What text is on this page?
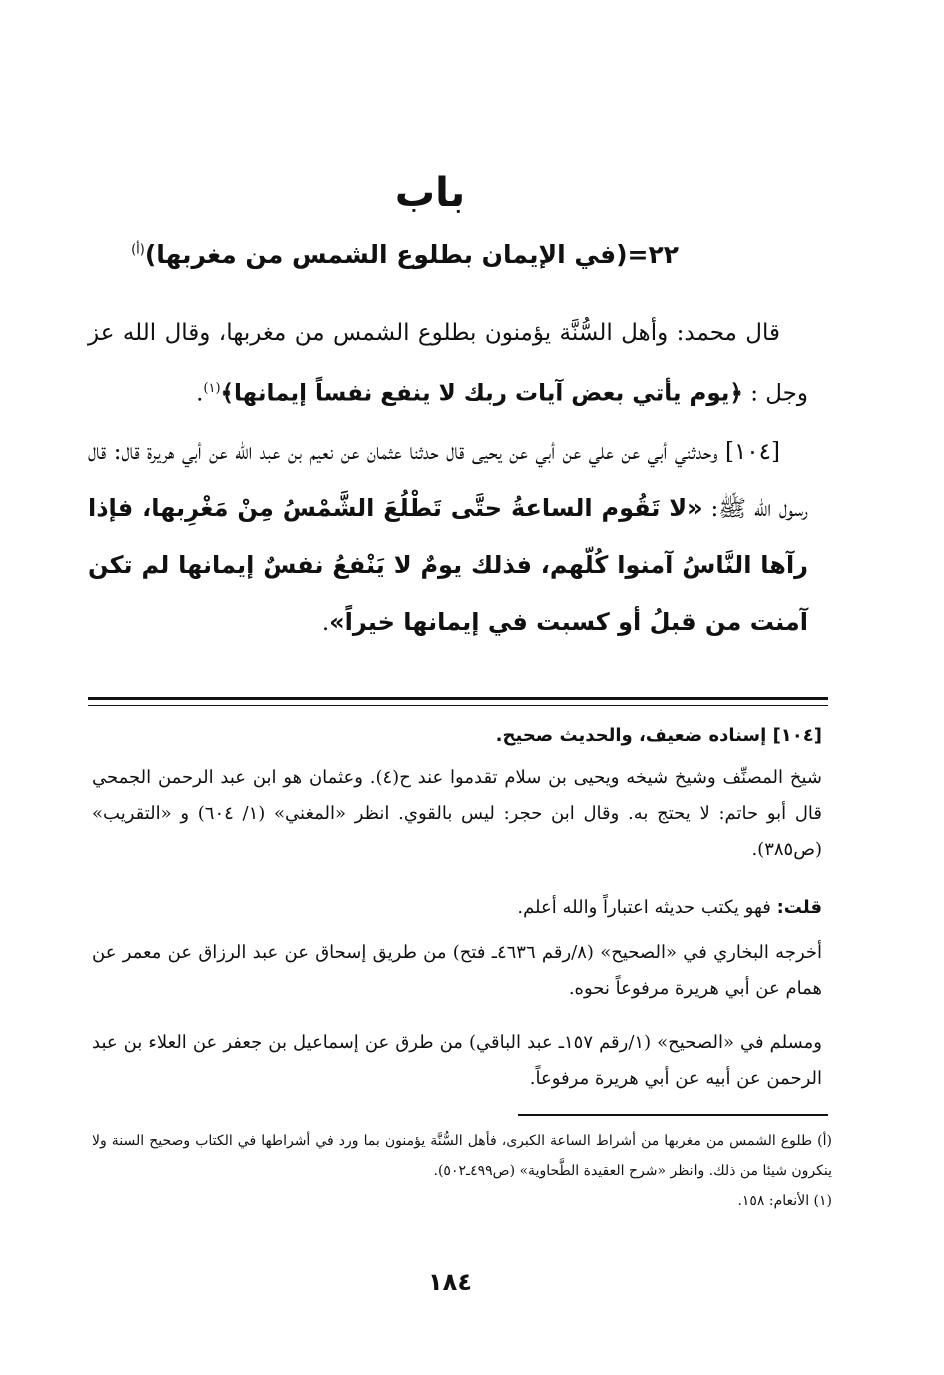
باب
٢٢=(في الإيمان بطلوع الشمس من مغربها)$^{(أ)}$
قال محمد: وأهل السُّنَّة يؤمنون بطلوع الشمس من مغربها، وقال الله عز وجل : ﴿يوم يأتي بعض آيات ربك لا ينفع نفساً إيمانها﴾$^{(١)}$.
[١٠٤] وحدثني أبي عن علي عن أبي عن يحيى قال حدثنا عثمان عن نعيم بن عبد الله عن أبي هريرة قال: قال رسول الله ﷺ: «لا تَقُوم الساعةُ حتَّى تَطْلُعَ الشَّمْسُ مِنْ مَغْرِبها، فإذا رآها النَّاسُ آمنوا كُلّهم، فذلك يومٌ لا يَنْفعُ نفسٌ إيمانها لم تكن آمنت من قبلُ أو كسبت في إيمانها خيراً».
[١٠٤] إسناده ضعيف، والحديث صحيح.
شيخ المصنِّف وشيخ شيخه ويحيى بن سلام تقدموا عند ح(٤). وعثمان هو ابن عبد الرحمن الجمحي قال أبو حاتم: لا يحتج به. وقال ابن حجر: ليس بالقوي. انظر «المغني» (١/ ٦٠٤) و «التقريب» (ص٣٨٥).
قلت: فهو يكتب حديثه اعتباراً والله أعلم.
أخرجه البخاري في «الصحيح» (٨/رقم ٤٦٣٦ـ فتح) من طريق إسحاق عن عبد الرزاق عن معمر عن همام عن أبي هريرة مرفوعاً نحوه.
ومسلم في «الصحيح» (١/رقم ١٥٧ـ عبد الباقي) من طرق عن إسماعيل بن جعفر عن العلاء بن عبد الرحمن عن أبيه عن أبي هريرة مرفوعاً.
(أ) طلوع الشمس من مغربها من أشراط الساعة الكبرى، فأهل السُّنَّة يؤمنون بما ورد في أشراطها في الكتاب وصحيح السنة ولا ينكرون شيئا من ذلك. وانظر «شرح العقيدة الطَّحاوية» (ص٤٩٩ـ٥٠٢).
(١) الأنعام: ١٥٨.
١٨٤
